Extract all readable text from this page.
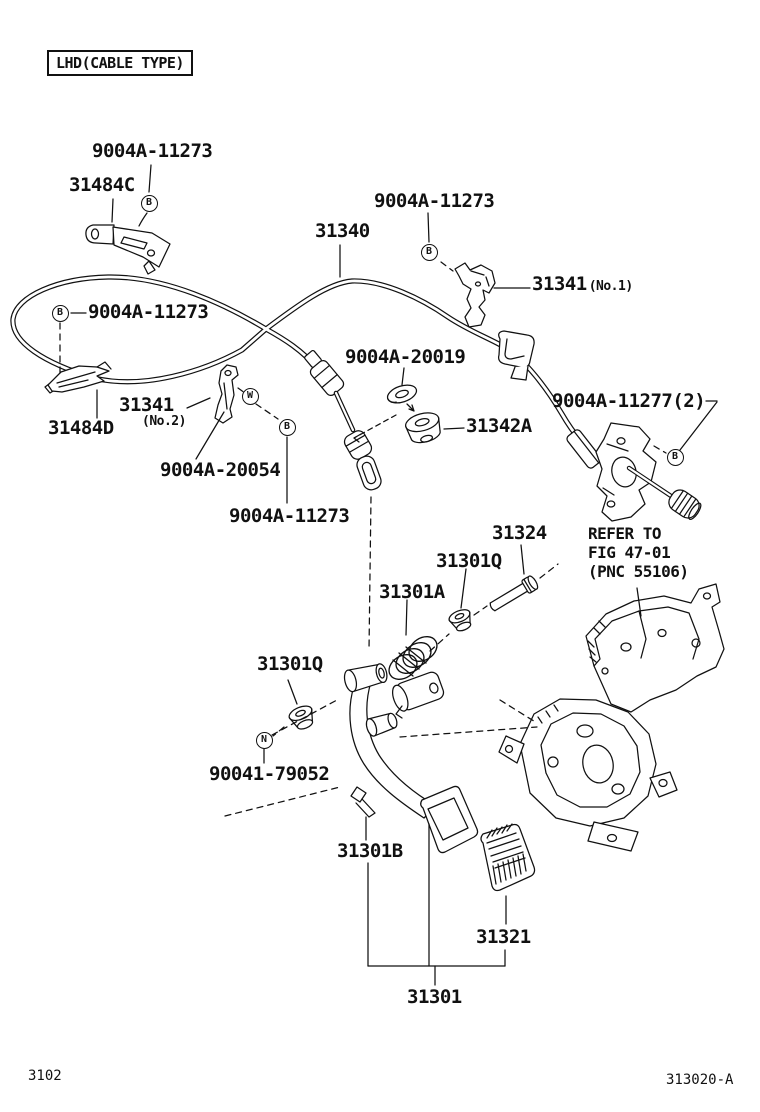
LHD(CABLE TYPE)
REFER TO
FIG 47-01
(PNC 55106)
9004A-11273
31484C
9004A-11273
31340
31341 (No.1)
9004A-11273
9004A-20019
31341
(No.2)
31484D
9004A-20054
9004A-11277(2)
31342A
9004A-11273
31324
31301Q
31301A
31301Q
90041-79052
31301B
31321
31301
B
B
B
B
B
W
N
3102	313020-A
